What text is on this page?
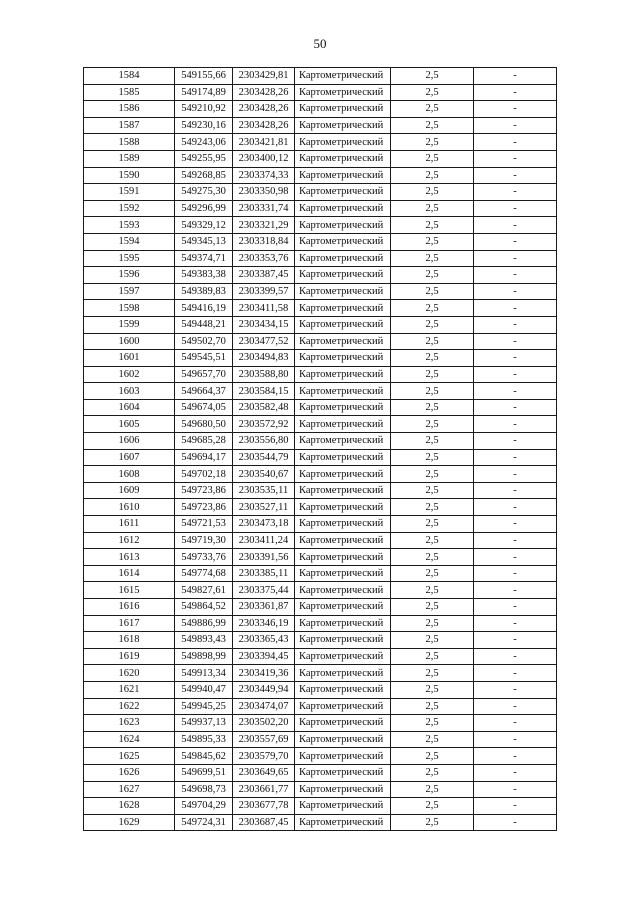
50
1584	549155,66	2303429,81	Картометрический	2,5	-
1585	549174,89	2303428,26	Картометрический	2,5	-
1586	549210,92	2303428,26	Картометрический	2,5	-
1587	549230,16	2303428,26	Картометрический	2,5	-
1588	549243,06	2303421,81	Картометрический	2,5	-
1589	549255,95	2303400,12	Картометрический	2,5	-
1590	549268,85	2303374,33	Картометрический	2,5	-
1591	549275,30	2303350,98	Картометрический	2,5	-
1592	549296,99	2303331,74	Картометрический	2,5	-
1593	549329,12	2303321,29	Картометрический	2,5	-
1594	549345,13	2303318,84	Картометрический	2,5	-
1595	549374,71	2303353,76	Картометрический	2,5	-
1596	549383,38	2303387,45	Картометрический	2,5	-
1597	549389,83	2303399,57	Картометрический	2,5	-
1598	549416,19	2303411,58	Картометрический	2,5	-
1599	549448,21	2303434,15	Картометрический	2,5	-
1600	549502,70	2303477,52	Картометрический	2,5	-
1601	549545,51	2303494,83	Картометрический	2,5	-
1602	549657,70	2303588,80	Картометрический	2,5	-
1603	549664,37	2303584,15	Картометрический	2,5	-
1604	549674,05	2303582,48	Картометрический	2,5	-
1605	549680,50	2303572,92	Картометрический	2,5	-
1606	549685,28	2303556,80	Картометрический	2,5	-
1607	549694,17	2303544,79	Картометрический	2,5	-
1608	549702,18	2303540,67	Картометрический	2,5	-
1609	549723,86	2303535,11	Картометрический	2,5	-
1610	549723,86	2303527,11	Картометрический	2,5	-
1611	549721,53	2303473,18	Картометрический	2,5	-
1612	549719,30	2303411,24	Картометрический	2,5	-
1613	549733,76	2303391,56	Картометрический	2,5	-
1614	549774,68	2303385,11	Картометрический	2,5	-
1615	549827,61	2303375,44	Картометрический	2,5	-
1616	549864,52	2303361,87	Картометрический	2,5	-
1617	549886,99	2303346,19	Картометрический	2,5	-
1618	549893,43	2303365,43	Картометрический	2,5	-
1619	549898,99	2303394,45	Картометрический	2,5	-
1620	549913,34	2303419,36	Картометрический	2,5	-
1621	549940,47	2303449,94	Картометрический	2,5	-
1622	549945,25	2303474,07	Картометрический	2,5	-
1623	549937,13	2303502,20	Картометрический	2,5	-
1624	549895,33	2303557,69	Картометрический	2,5	-
1625	549845,62	2303579,70	Картометрический	2,5	-
1626	549699,51	2303649,65	Картометрический	2,5	-
1627	549698,73	2303661,77	Картометрический	2,5	-
1628	549704,29	2303677,78	Картометрический	2,5	-
1629	549724,31	2303687,45	Картометрический	2,5	-
